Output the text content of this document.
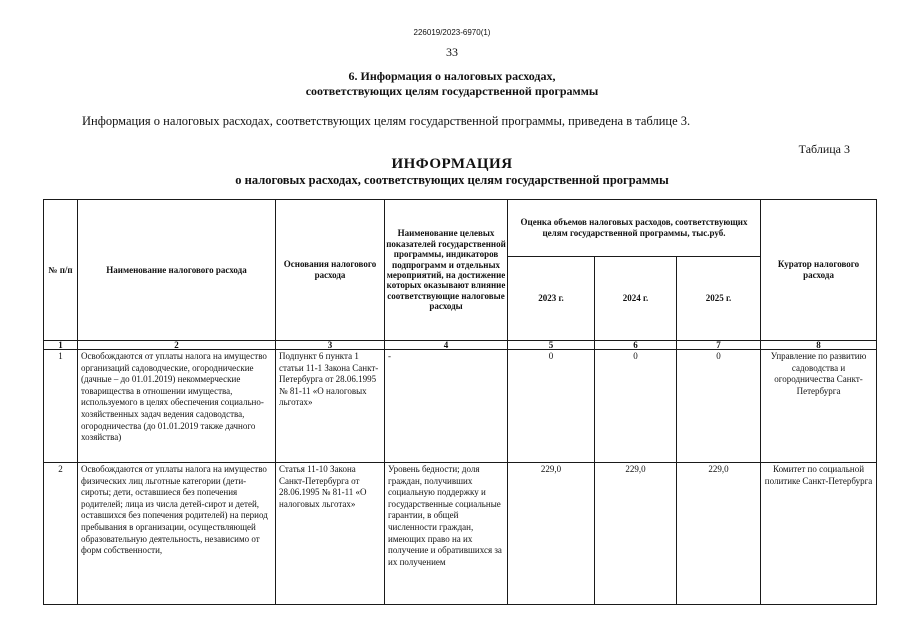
226019/2023-6970(1)
33
6. Информация о налоговых расходах,
соответствующих целям государственной программы
Информация о налоговых расходах, соответствующих целям государственной программы, приведена в таблице 3.
Таблица 3
ИНФОРМАЦИЯ
о налоговых расходах, соответствующих целям государственной программы
№ п/п	Наименование налогового расхода	Основания налогового расхода	Наименование целевых показателей государственной программы, индикаторов подпрограмм и отдельных мероприятий, на достижение которых оказывают влияние соответствующие налоговые расходы	Оценка объемов налоговых расходов, соответствующих целям государственной программы, тыс.руб.			Куратор налогового расхода
				2023 г.	2024 г.	2025 г.	
1	2	3	4	5	6	7	8
1	Освобождаются от уплаты налога на имущество организаций садоводческие, огороднические (дачные – до 01.01.2019) некоммерческие товарищества в отношении имущества, используемого в целях обеспечения социально-хозяйственных задач ведения садоводства, огородничества (до 01.01.2019 также дачного хозяйства)	Подпункт 6 пункта 1 статьи 11-1 Закона Санкт-Петербурга от 28.06.1995 № 81-11 «О налоговых льготах»	-	0	0	0	Управление по развитию садоводства и огородничества Санкт-Петербурга
2	Освобождаются от уплаты налога на имущество физических лиц льготные категории (дети-сироты; дети, оставшиеся без попечения родителей; лица из числа детей-сирот и детей, оставшихся без попечения родителей) на период пребывания в организации, осуществляющей образовательную деятельность, независимо от форм собственности,	Статья 11-10 Закона Санкт-Петербурга от 28.06.1995 № 81-11 «О налоговых льготах»	Уровень бедности; доля граждан, получивших социальную поддержку и государственные социальные гарантии, в общей численности граждан, имеющих право на их получение и обратившихся за их получением	229,0	229,0	229,0	Комитет по социальной политике Санкт-Петербурга
